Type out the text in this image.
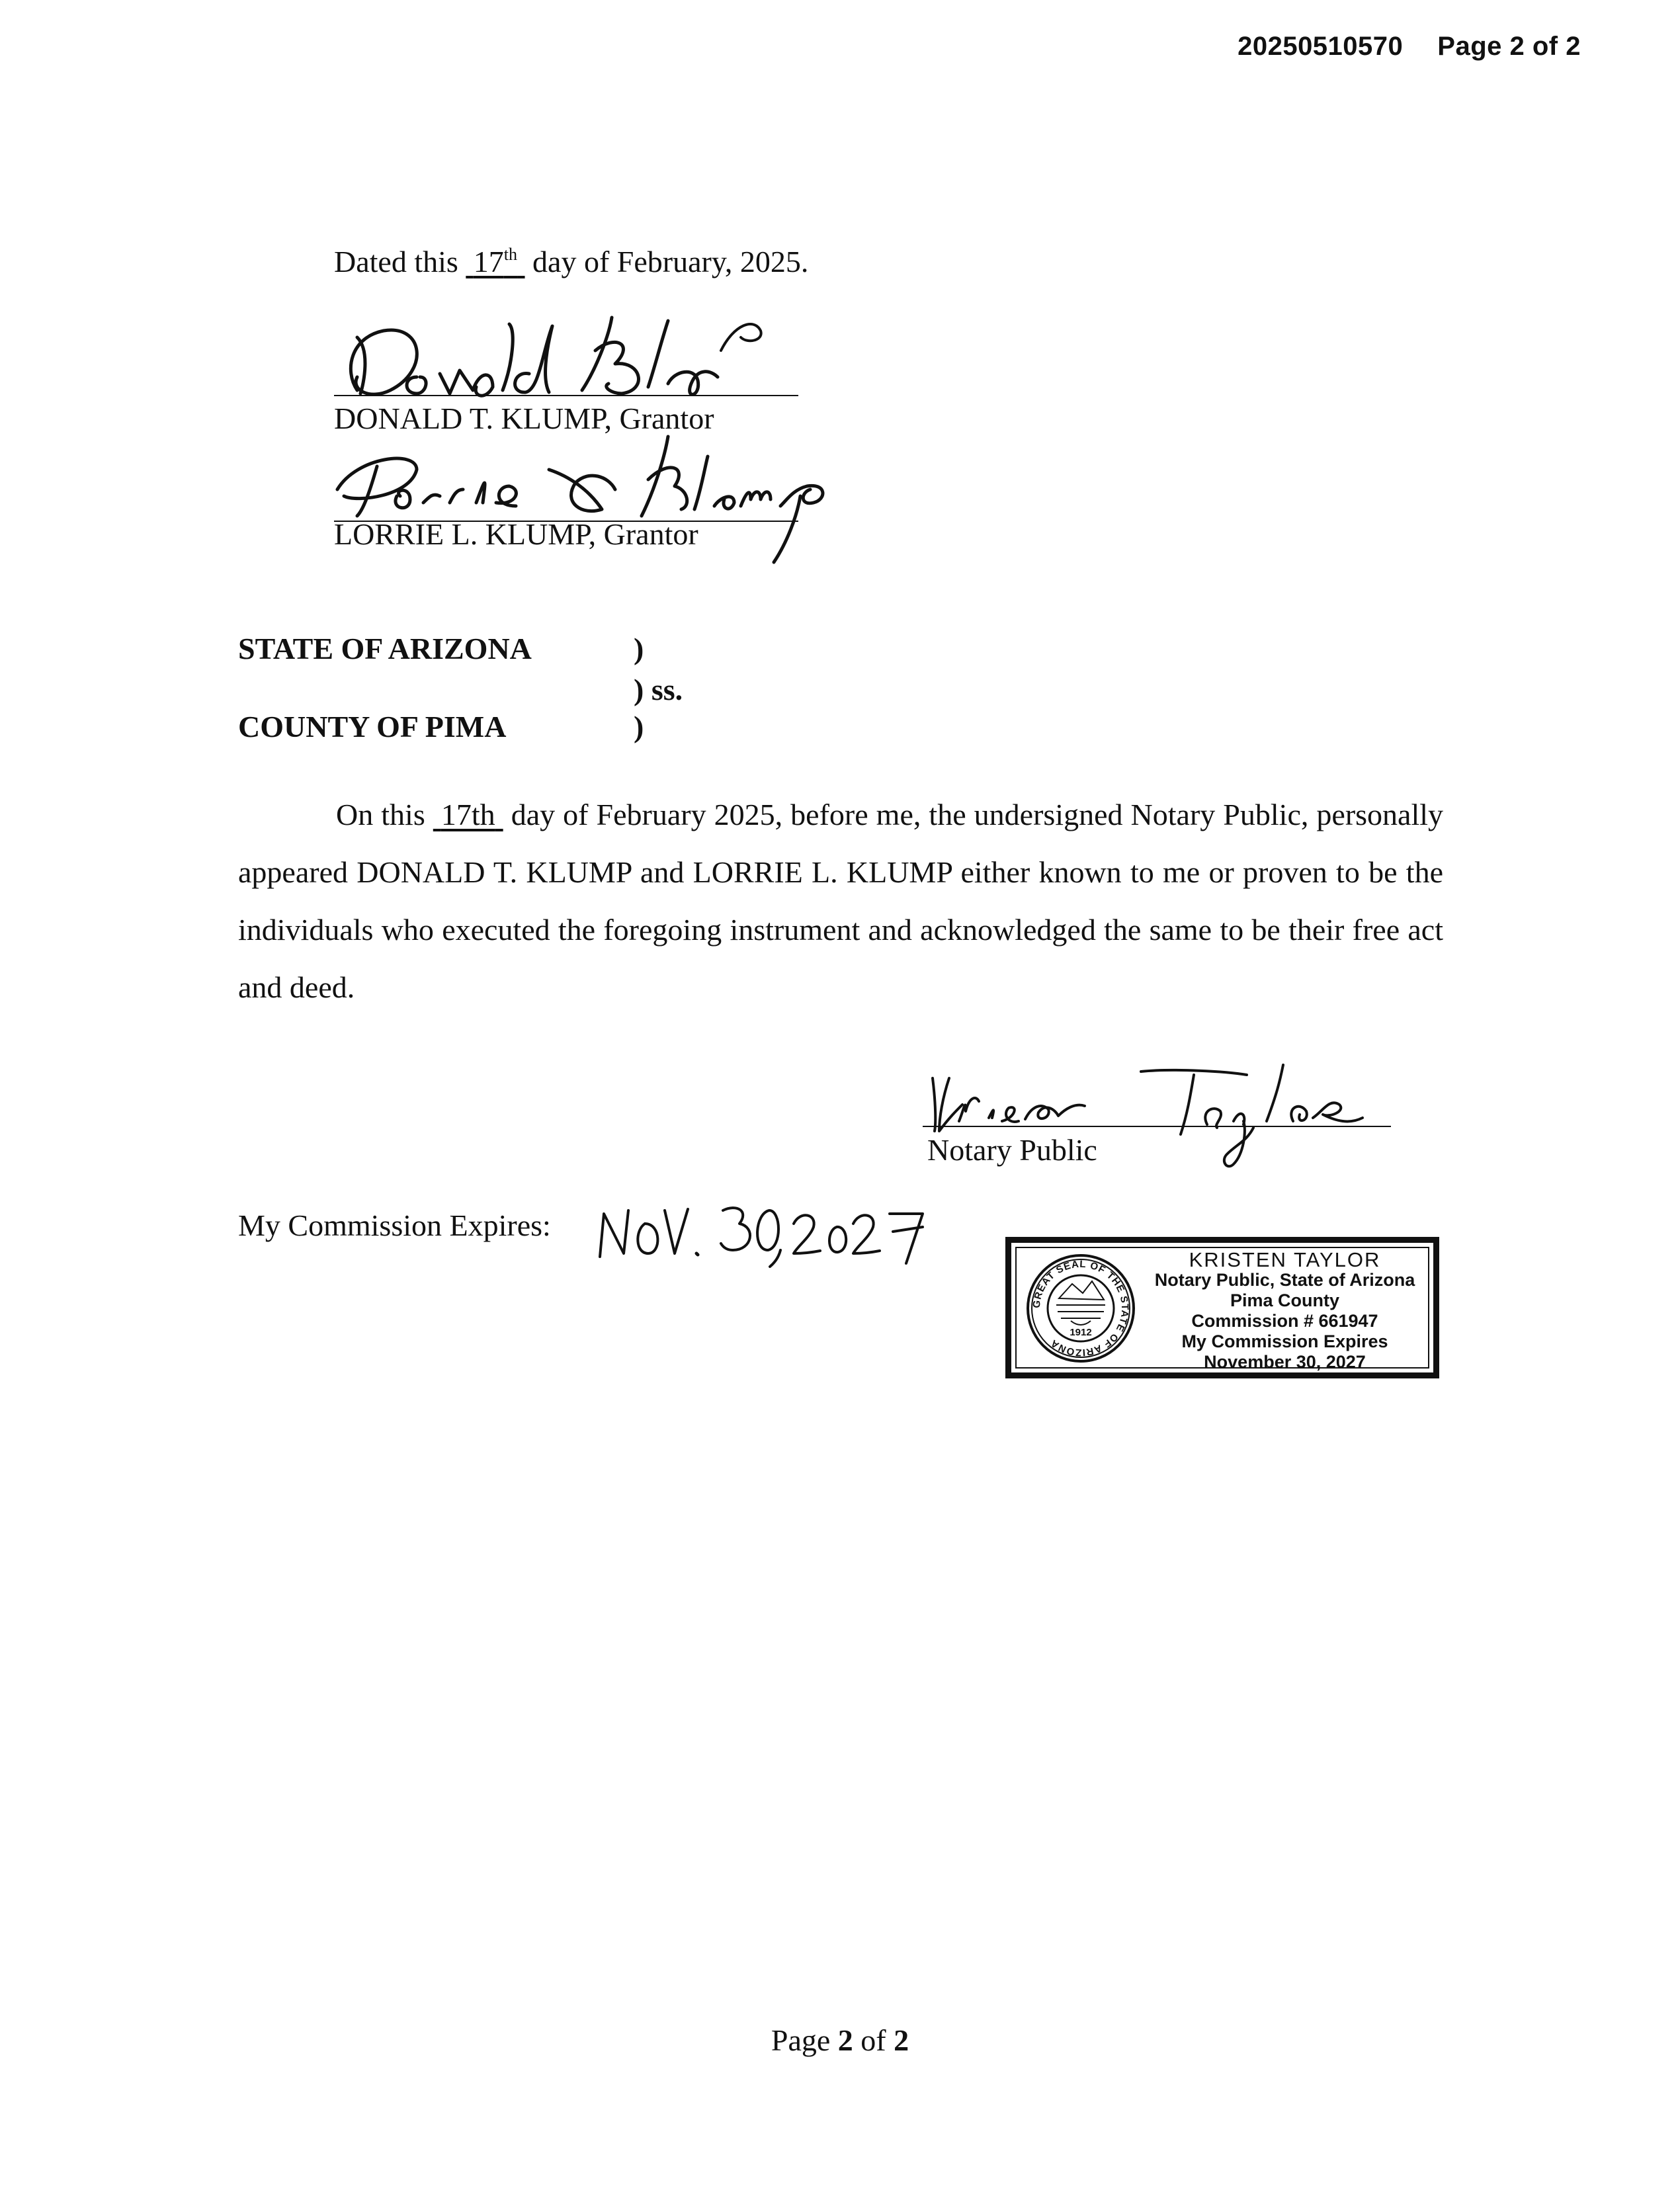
20250510570 Page 2 of 2
Dated this 17th day of February, 2025.
DONALD T. KLUMP, Grantor
LORRIE L. KLUMP, Grantor
STATE OF ARIZONA	)
) ss.
COUNTY OF PIMA	)
On this 17th day of February 2025, before me, the undersigned Notary Public, personally appeared DONALD T. KLUMP and LORRIE L. KLUMP either known to me or proven to be the individuals who executed the foregoing instrument and acknowledged the same to be their free act and deed.
Notary Public
My Commission Expires:
GREAT SEAL OF THE STATE OF ARIZONA
1912
KRISTEN TAYLOR
Notary Public, State of Arizona
Pima County
Commission # 661947
My Commission Expires
November 30, 2027
Page 2 of 2
